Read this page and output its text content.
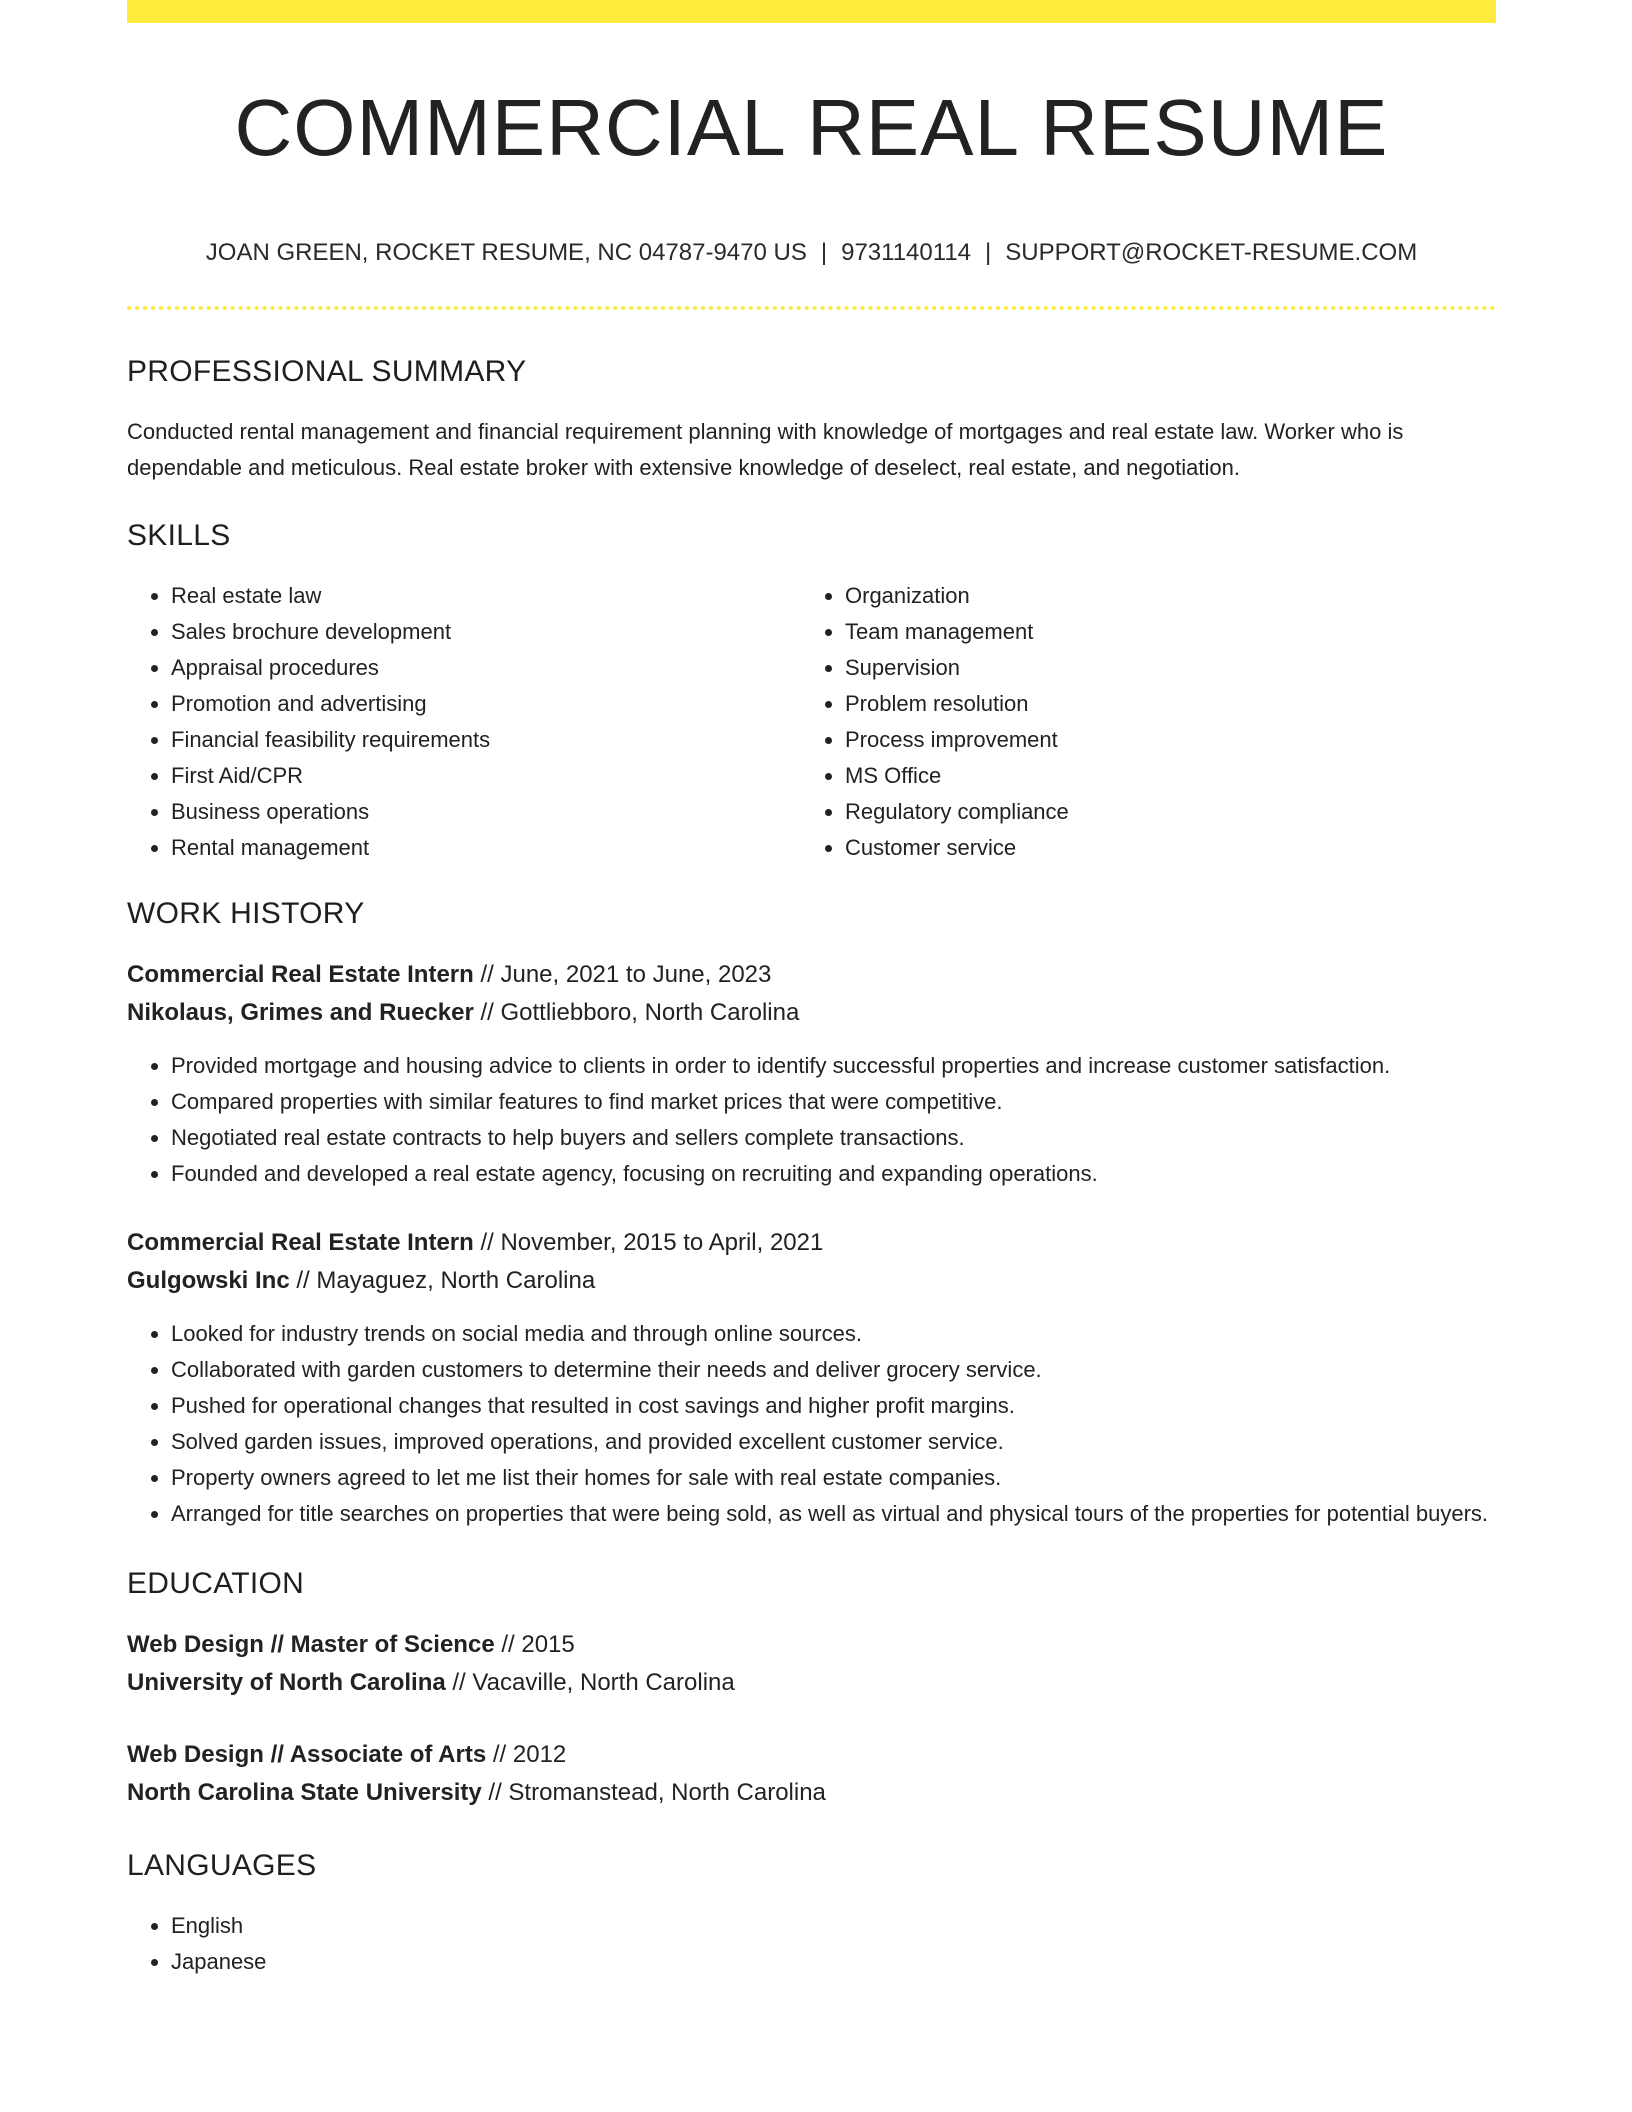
COMMERCIAL REAL RESUME
JOAN GREEN, ROCKET RESUME, NC 04787-9470 US | 9731140114 | SUPPORT@ROCKET-RESUME.COM
PROFESSIONAL SUMMARY
Conducted rental management and financial requirement planning with knowledge of mortgages and real estate law. Worker who is dependable and meticulous. Real estate broker with extensive knowledge of deselect, real estate, and negotiation.
SKILLS
• Real estate law
• Sales brochure development
• Appraisal procedures
• Promotion and advertising
• Financial feasibility requirements
• First Aid/CPR
• Business operations
• Rental management
• Organization
• Team management
• Supervision
• Problem resolution
• Process improvement
• MS Office
• Regulatory compliance
• Customer service
WORK HISTORY
Commercial Real Estate Intern // June, 2021 to June, 2023
Nikolaus, Grimes and Ruecker // Gottliebboro, North Carolina
• Provided mortgage and housing advice to clients in order to identify successful properties and increase customer satisfaction.
• Compared properties with similar features to find market prices that were competitive.
• Negotiated real estate contracts to help buyers and sellers complete transactions.
• Founded and developed a real estate agency, focusing on recruiting and expanding operations.
Commercial Real Estate Intern // November, 2015 to April, 2021
Gulgowski Inc // Mayaguez, North Carolina
• Looked for industry trends on social media and through online sources.
• Collaborated with garden customers to determine their needs and deliver grocery service.
• Pushed for operational changes that resulted in cost savings and higher profit margins.
• Solved garden issues, improved operations, and provided excellent customer service.
• Property owners agreed to let me list their homes for sale with real estate companies.
• Arranged for title searches on properties that were being sold, as well as virtual and physical tours of the properties for potential buyers.
EDUCATION
Web Design // Master of Science // 2015
University of North Carolina // Vacaville, North Carolina
Web Design // Associate of Arts // 2012
North Carolina State University // Stromanstead, North Carolina
LANGUAGES
• English
• Japanese
